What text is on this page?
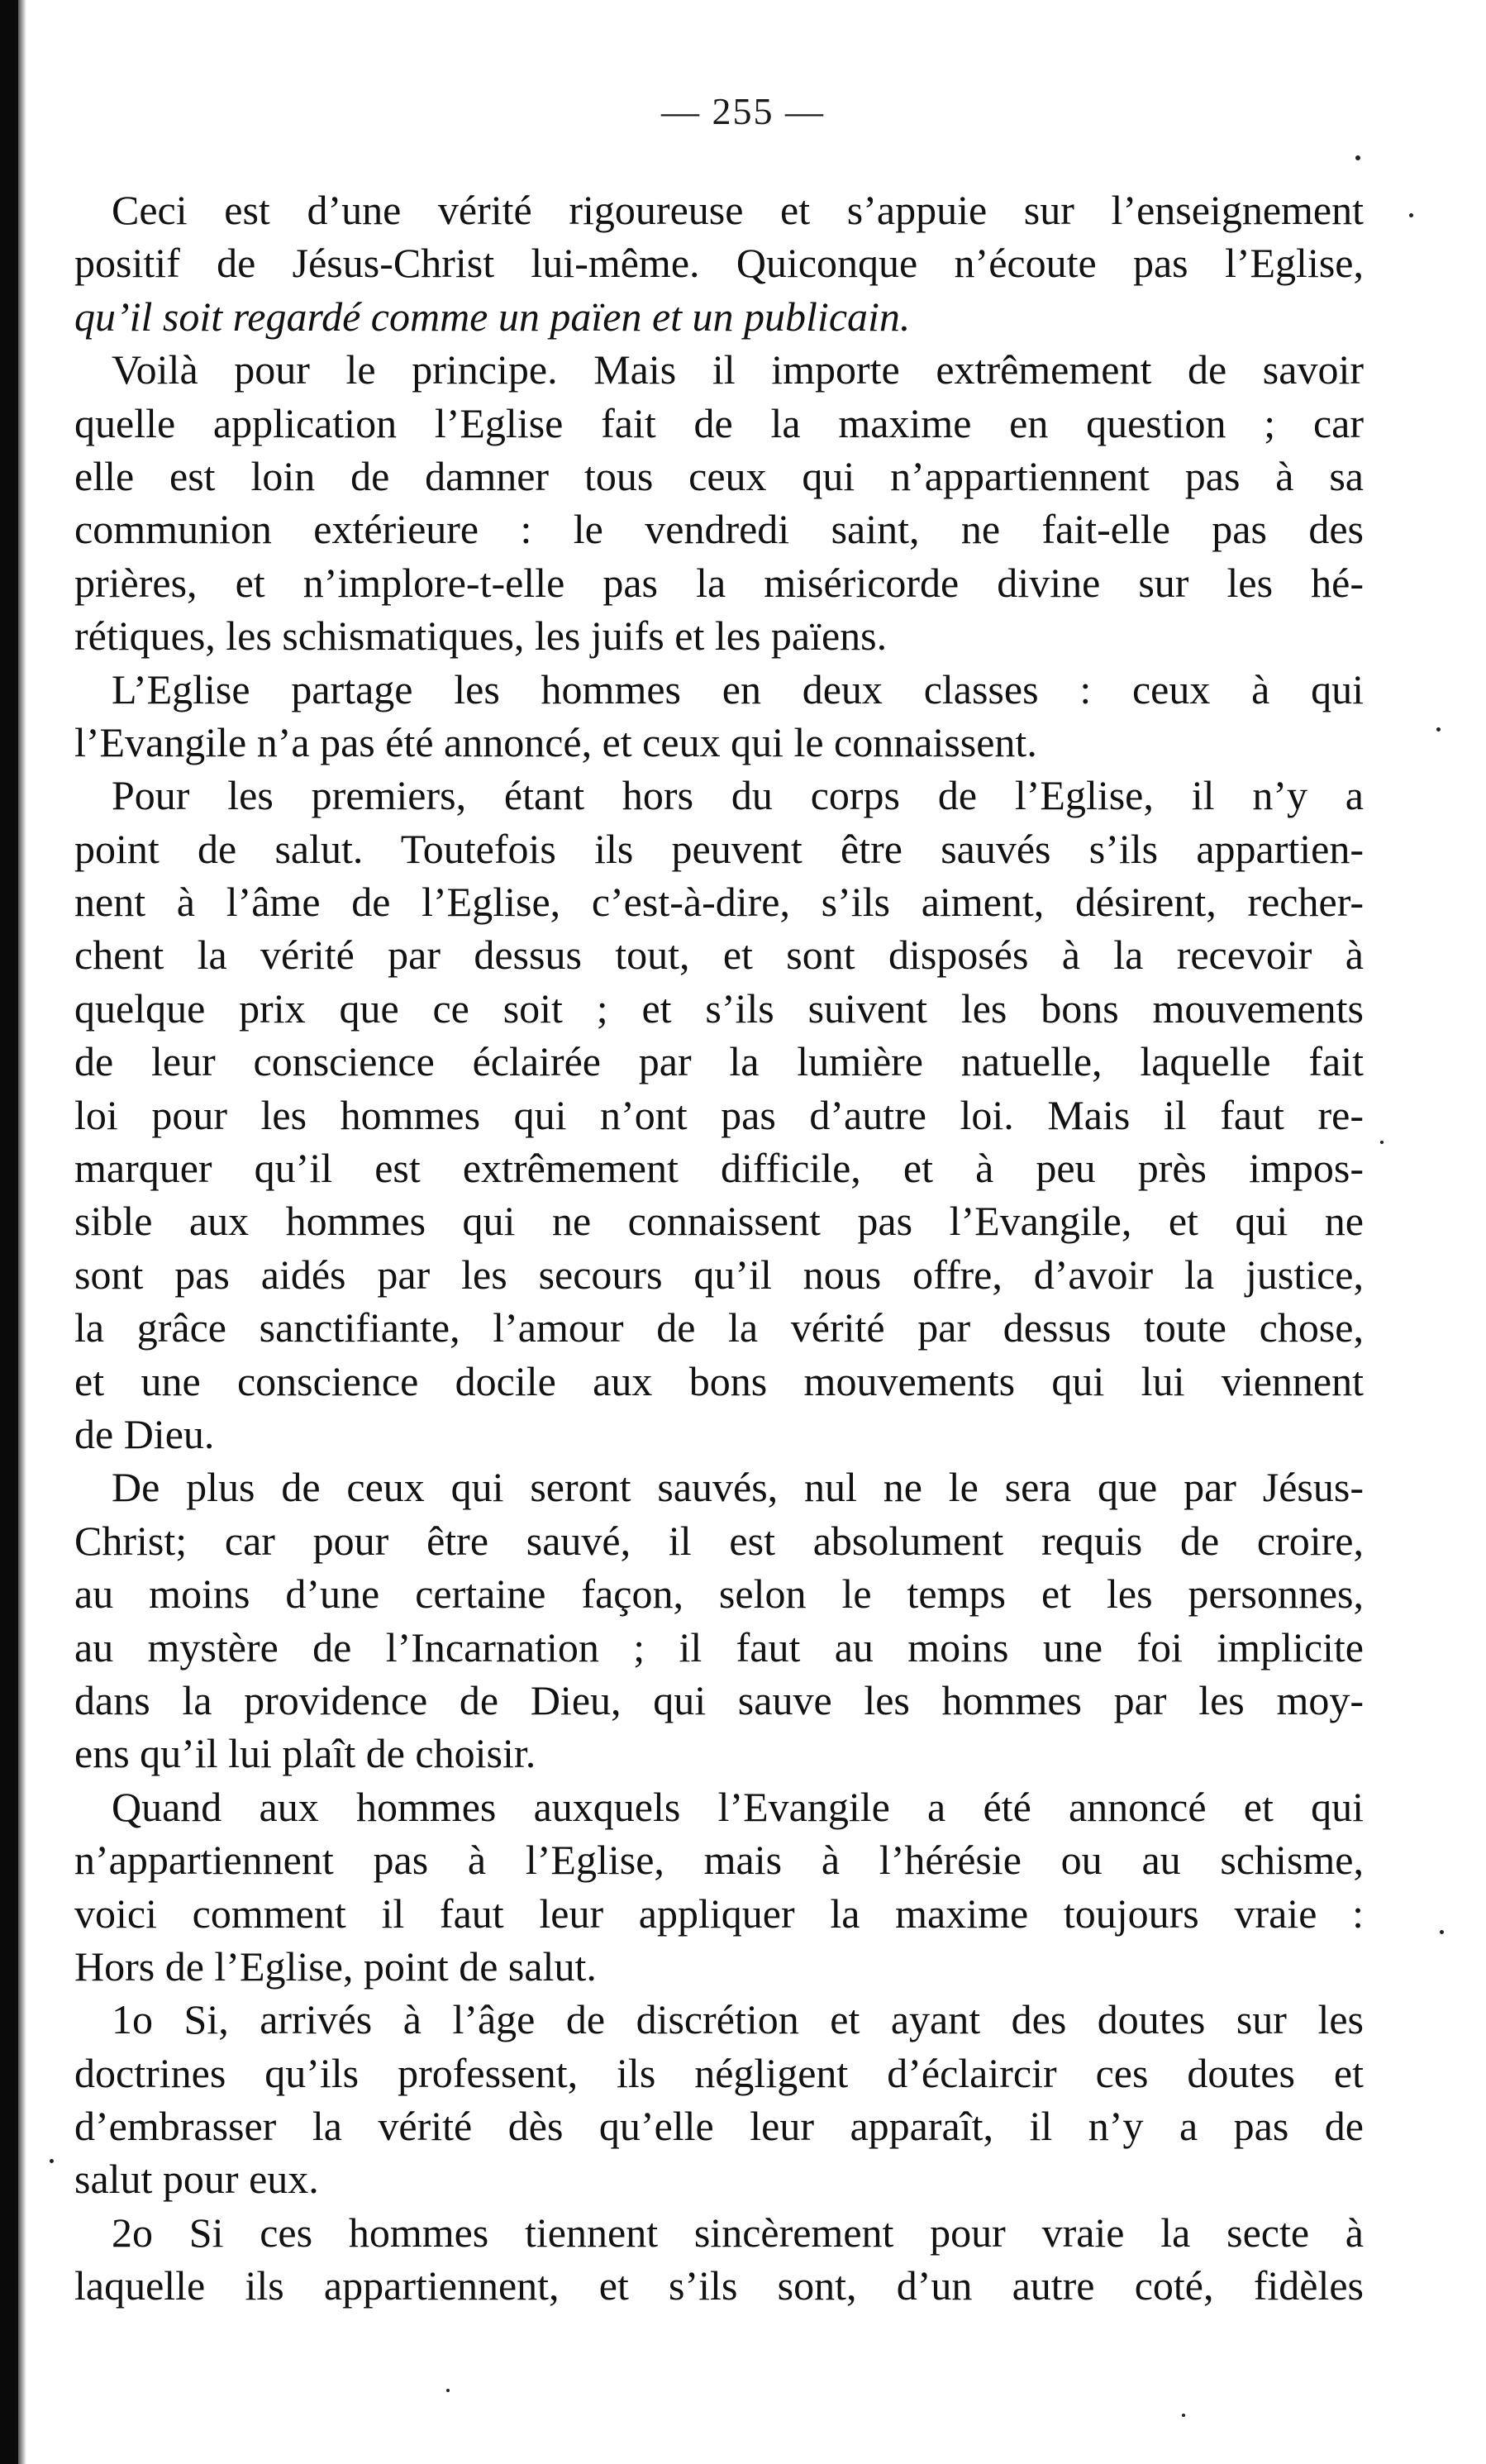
— 255 —
Ceci est d’une vérité rigoureuse et s’appuie sur l’enseignement
positif de Jésus-Christ lui-même. Quiconque n’écoute pas l’Eglise,
qu’il soit regardé comme un païen et un publicain.
Voilà pour le principe. Mais il importe extrêmement de savoir
quelle application l’Eglise fait de la maxime en question ; car
elle est loin de damner tous ceux qui n’appartiennent pas à sa
communion extérieure : le vendredi saint, ne fait-elle pas des
prières, et n’implore-t-elle pas la miséricorde divine sur les hé-
rétiques, les schismatiques, les juifs et les païens.
L’Eglise partage les hommes en deux classes : ceux à qui
l’Evangile n’a pas été annoncé, et ceux qui le connaissent.
Pour les premiers, étant hors du corps de l’Eglise, il n’y a
point de salut. Toutefois ils peuvent être sauvés s’ils appartien-
nent à l’âme de l’Eglise, c’est-à-dire, s’ils aiment, désirent, recher-
chent la vérité par dessus tout, et sont disposés à la recevoir à
quelque prix que ce soit ; et s’ils suivent les bons mouvements
de leur conscience éclairée par la lumière natuelle, laquelle fait
loi pour les hommes qui n’ont pas d’autre loi. Mais il faut re-
marquer qu’il est extrêmement difficile, et à peu près impos-
sible aux hommes qui ne connaissent pas l’Evangile, et qui ne
sont pas aidés par les secours qu’il nous offre, d’avoir la justice,
la grâce sanctifiante, l’amour de la vérité par dessus toute chose,
et une conscience docile aux bons mouvements qui lui viennent
de Dieu.
De plus de ceux qui seront sauvés, nul ne le sera que par Jésus-
Christ; car pour être sauvé, il est absolument requis de croire,
au moins d’une certaine façon, selon le temps et les personnes,
au mystère de l’Incarnation ; il faut au moins une foi implicite
dans la providence de Dieu, qui sauve les hommes par les moy-
ens qu’il lui plaît de choisir.
Quand aux hommes auxquels l’Evangile a été annoncé et qui
n’appartiennent pas à l’Eglise, mais à l’hérésie ou au schisme,
voici comment il faut leur appliquer la maxime toujours vraie :
Hors de l’Eglise, point de salut.
1o Si, arrivés à l’âge de discrétion et ayant des doutes sur les
doctrines qu’ils professent, ils négligent d’éclaircir ces doutes et
d’embrasser la vérité dès qu’elle leur apparaît, il n’y a pas de
salut pour eux.
2o Si ces hommes tiennent sincèrement pour vraie la secte à
laquelle ils appartiennent, et s’ils sont, d’un autre coté, fidèles
